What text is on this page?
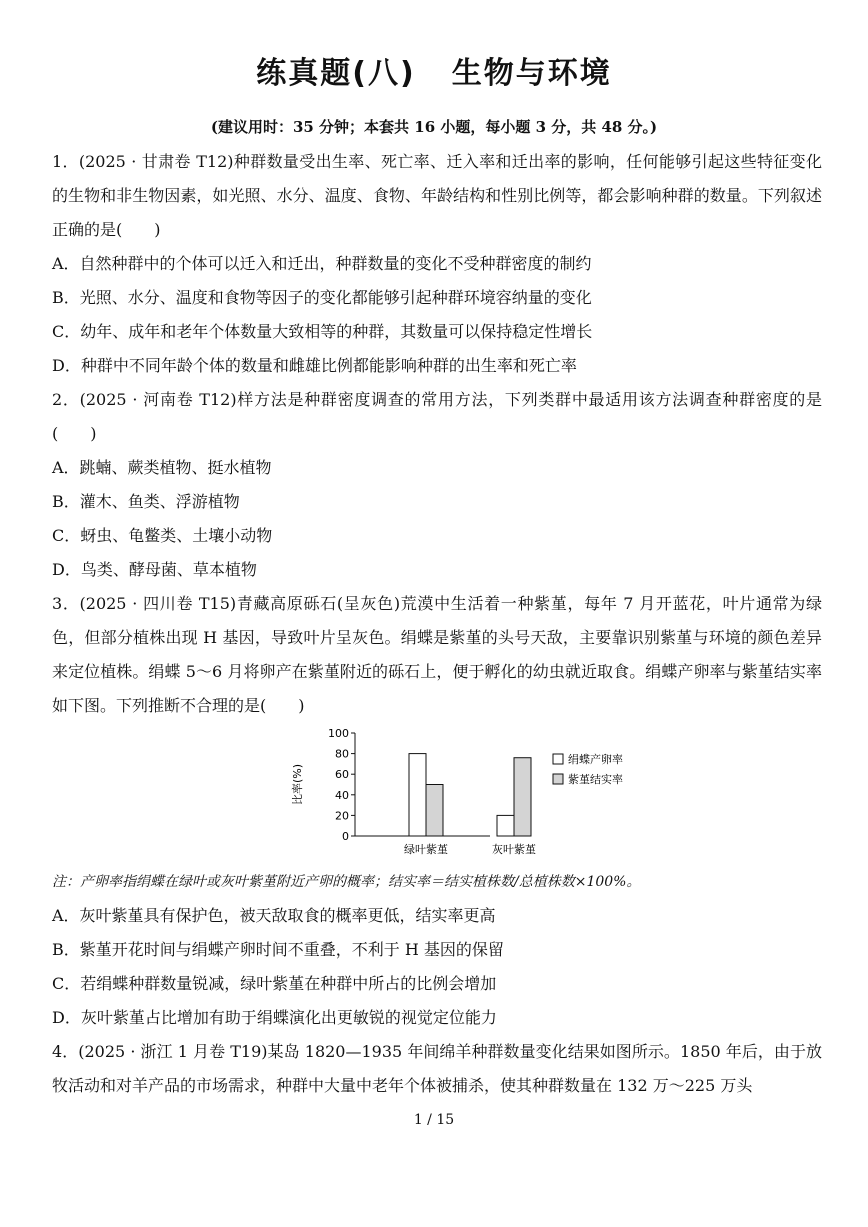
练真题(八) 生物与环境
(建议用时：35 分钟；本套共 16 小题，每小题 3 分，共 48 分。)

1．(2025 · 甘肃卷 T12)种群数量受出生率、死亡率、迁入率和迁出率的影响，任何能够引起这些特征变化的生物和非生物因素，如光照、水分、温度、食物、年龄结构和性别比例等，都会影响种群的数量。下列叙述正确的是(　　)

A．自然种群中的个体可以迁入和迁出，种群数量的变化不受种群密度的制约

B．光照、水分、温度和食物等因子的变化都能够引起种群环境容纳量的变化

C．幼年、成年和老年个体数量大致相等的种群，其数量可以保持稳定性增长

D．种群中不同年龄个体的数量和雌雄比例都能影响种群的出生率和死亡率

2．(2025 · 河南卷 T12)样方法是种群密度调查的常用方法，下列类群中最适用该方法调查种群密度的是(　　)

A．跳蝻、蕨类植物、挺水植物

B．灌木、鱼类、浮游植物

C．蚜虫、龟鳖类、土壤小动物

D．鸟类、酵母菌、草本植物

3．(2025 · 四川卷 T15)青藏高原砾石(呈灰色)荒漠中生活着一种紫堇，每年 7 月开蓝花，叶片通常为绿色，但部分植株出现 H 基因，导致叶片呈灰色。绢蝶是紫堇的头号天敌，主要靠识别紫堇与环境的颜色差异来定位植株。绢蝶 5～6 月将卵产在紫堇附近的砾石上，便于孵化的幼虫就近取食。绢蝶产卵率与紫堇结实率如下图。下列推断不合理的是(　　)

比率(%)
0
20
40
60
80
100
绿叶紫堇	灰叶紫堇
绢蝶产卵率
紫堇结实率

注：产卵率指绢蝶在绿叶或灰叶紫堇附近产卵的概率；结实率＝结实植株数/总植株数×100%。

A．灰叶紫堇具有保护色，被天敌取食的概率更低，结实率更高

B．紫堇开花时间与绢蝶产卵时间不重叠，不利于 H 基因的保留

C．若绢蝶种群数量锐减，绿叶紫堇在种群中所占的比例会增加

D．灰叶紫堇占比增加有助于绢蝶演化出更敏锐的视觉定位能力

4．(2025 · 浙江 1 月卷 T19)某岛 1820—1935 年间绵羊种群数量变化结果如图所示。1850 年后，由于放牧活动和对羊产品的市场需求，种群中大量中老年个体被捕杀，使其种群数量在 132 万～225 万头

1 / 15
